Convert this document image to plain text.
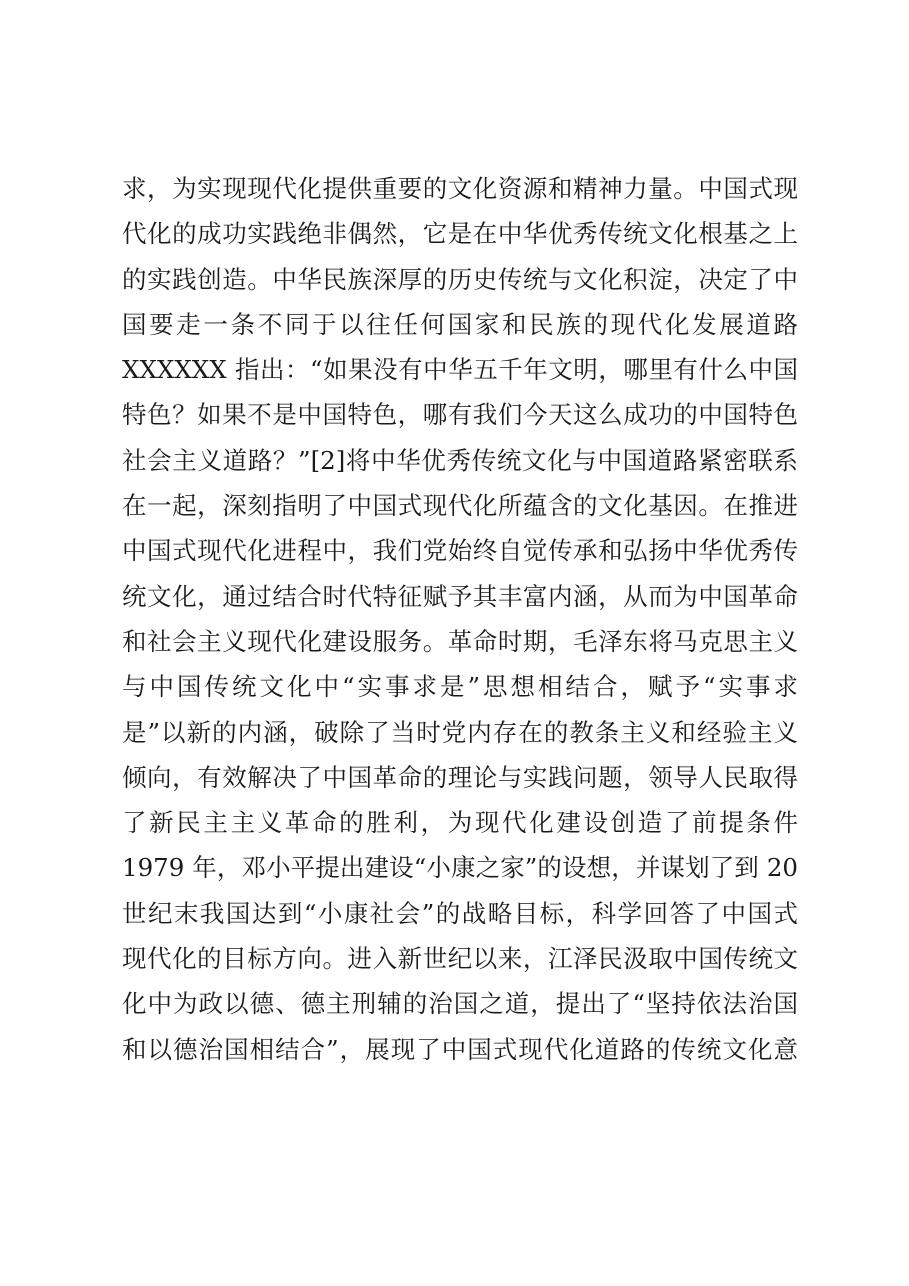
求，为实现现代化提供重要的文化资源和精神力量。中国式现
代化的成功实践绝非偶然，它是在中华优秀传统文化根基之上
的实践创造。中华民族深厚的历史传统与文化积淀，决定了中
国要走一条不同于以往任何国家和民族的现代化发展道路
XXXXXX 指出：“如果没有中华五千年文明，哪里有什么中国
特色？如果不是中国特色，哪有我们今天这么成功的中国特色
社会主义道路？”[2]将中华优秀传统文化与中国道路紧密联系
在一起，深刻指明了中国式现代化所蕴含的文化基因。在推进
中国式现代化进程中，我们党始终自觉传承和弘扬中华优秀传
统文化，通过结合时代特征赋予其丰富内涵，从而为中国革命
和社会主义现代化建设服务。革命时期，毛泽东将马克思主义
与中国传统文化中“实事求是”思想相结合，赋予“实事求
是”以新的内涵，破除了当时党内存在的教条主义和经验主义
倾向，有效解决了中国革命的理论与实践问题，领导人民取得
了新民主主义革命的胜利，为现代化建设创造了前提条件
1979 年，邓小平提出建设“小康之家”的设想，并谋划了到 20
世纪末我国达到“小康社会”的战略目标，科学回答了中国式
现代化的目标方向。进入新世纪以来，江泽民汲取中国传统文
化中为政以德、德主刑辅的治国之道，提出了“坚持依法治国
和以德治国相结合”，展现了中国式现代化道路的传统文化意
